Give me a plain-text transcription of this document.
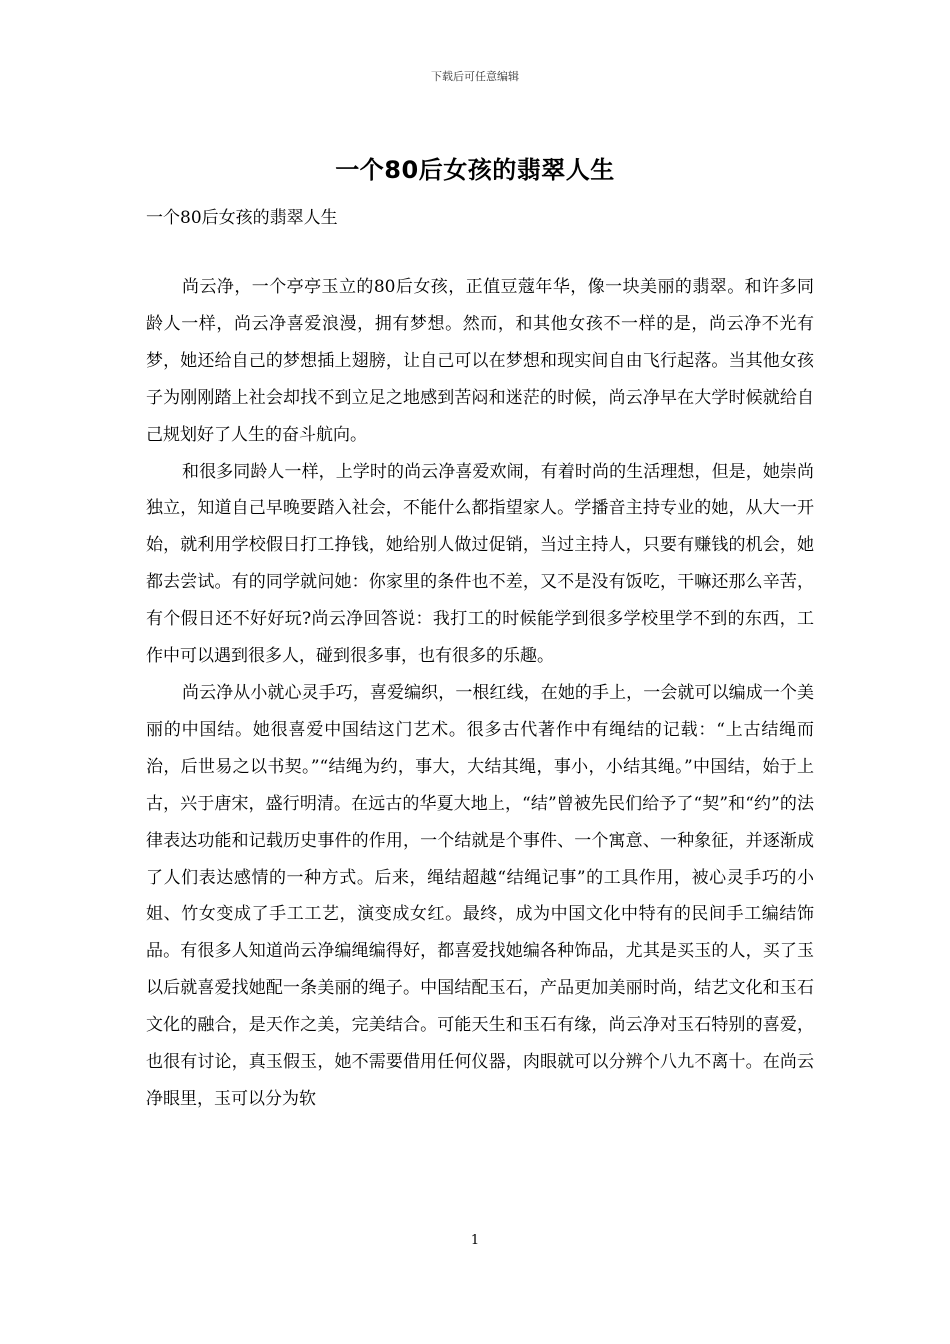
下载后可任意编辑
一个80后女孩的翡翠人生

一个80后女孩的翡翠人生

尚云净，一个亭亭玉立的80后女孩，正值豆蔻年华，像一块美丽的翡翠。和许多同龄人一样，尚云净喜爱浪漫，拥有梦想。然而，和其他女孩不一样的是，尚云净不光有梦，她还给自己的梦想插上翅膀，让自己可以在梦想和现实间自由飞行起落。当其他女孩子为刚刚踏上社会却找不到立足之地感到苦闷和迷茫的时候，尚云净早在大学时候就给自己规划好了人生的奋斗航向。

和很多同龄人一样，上学时的尚云净喜爱欢闹，有着时尚的生活理想，但是，她崇尚独立，知道自己早晚要踏入社会，不能什么都指望家人。学播音主持专业的她，从大一开始，就利用学校假日打工挣钱，她给别人做过促销，当过主持人，只要有赚钱的机会，她都去尝试。有的同学就问她：你家里的条件也不差，又不是没有饭吃，干嘛还那么辛苦，有个假日还不好好玩?尚云净回答说：我打工的时候能学到很多学校里学不到的东西，工作中可以遇到很多人，碰到很多事，也有很多的乐趣。

尚云净从小就心灵手巧，喜爱编织，一根红线，在她的手上，一会就可以编成一个美丽的中国结。她很喜爱中国结这门艺术。很多古代著作中有绳结的记载：“上古结绳而治，后世易之以书契。”“结绳为约，事大，大结其绳，事小，小结其绳。”中国结，始于上古，兴于唐宋，盛行明清。在远古的华夏大地上，“结”曾被先民们给予了“契”和“约”的法律表达功能和记载历史事件的作用，一个结就是个事件、一个寓意、一种象征，并逐渐成了人们表达感情的一种方式。后来，绳结超越“结绳记事”的工具作用，被心灵手巧的小姐、竹女变成了手工工艺，演变成女红。最终，成为中国文化中特有的民间手工编结饰品。有很多人知道尚云净编绳编得好，都喜爱找她编各种饰品，尤其是买玉的人，买了玉以后就喜爱找她配一条美丽的绳子。中国结配玉石，产品更加美丽时尚，结艺文化和玉石文化的融合，是天作之美，完美结合。可能天生和玉石有缘，尚云净对玉石特别的喜爱，也很有讨论，真玉假玉，她不需要借用任何仪器，肉眼就可以分辨个八九不离十。在尚云净眼里，玉可以分为软

1
